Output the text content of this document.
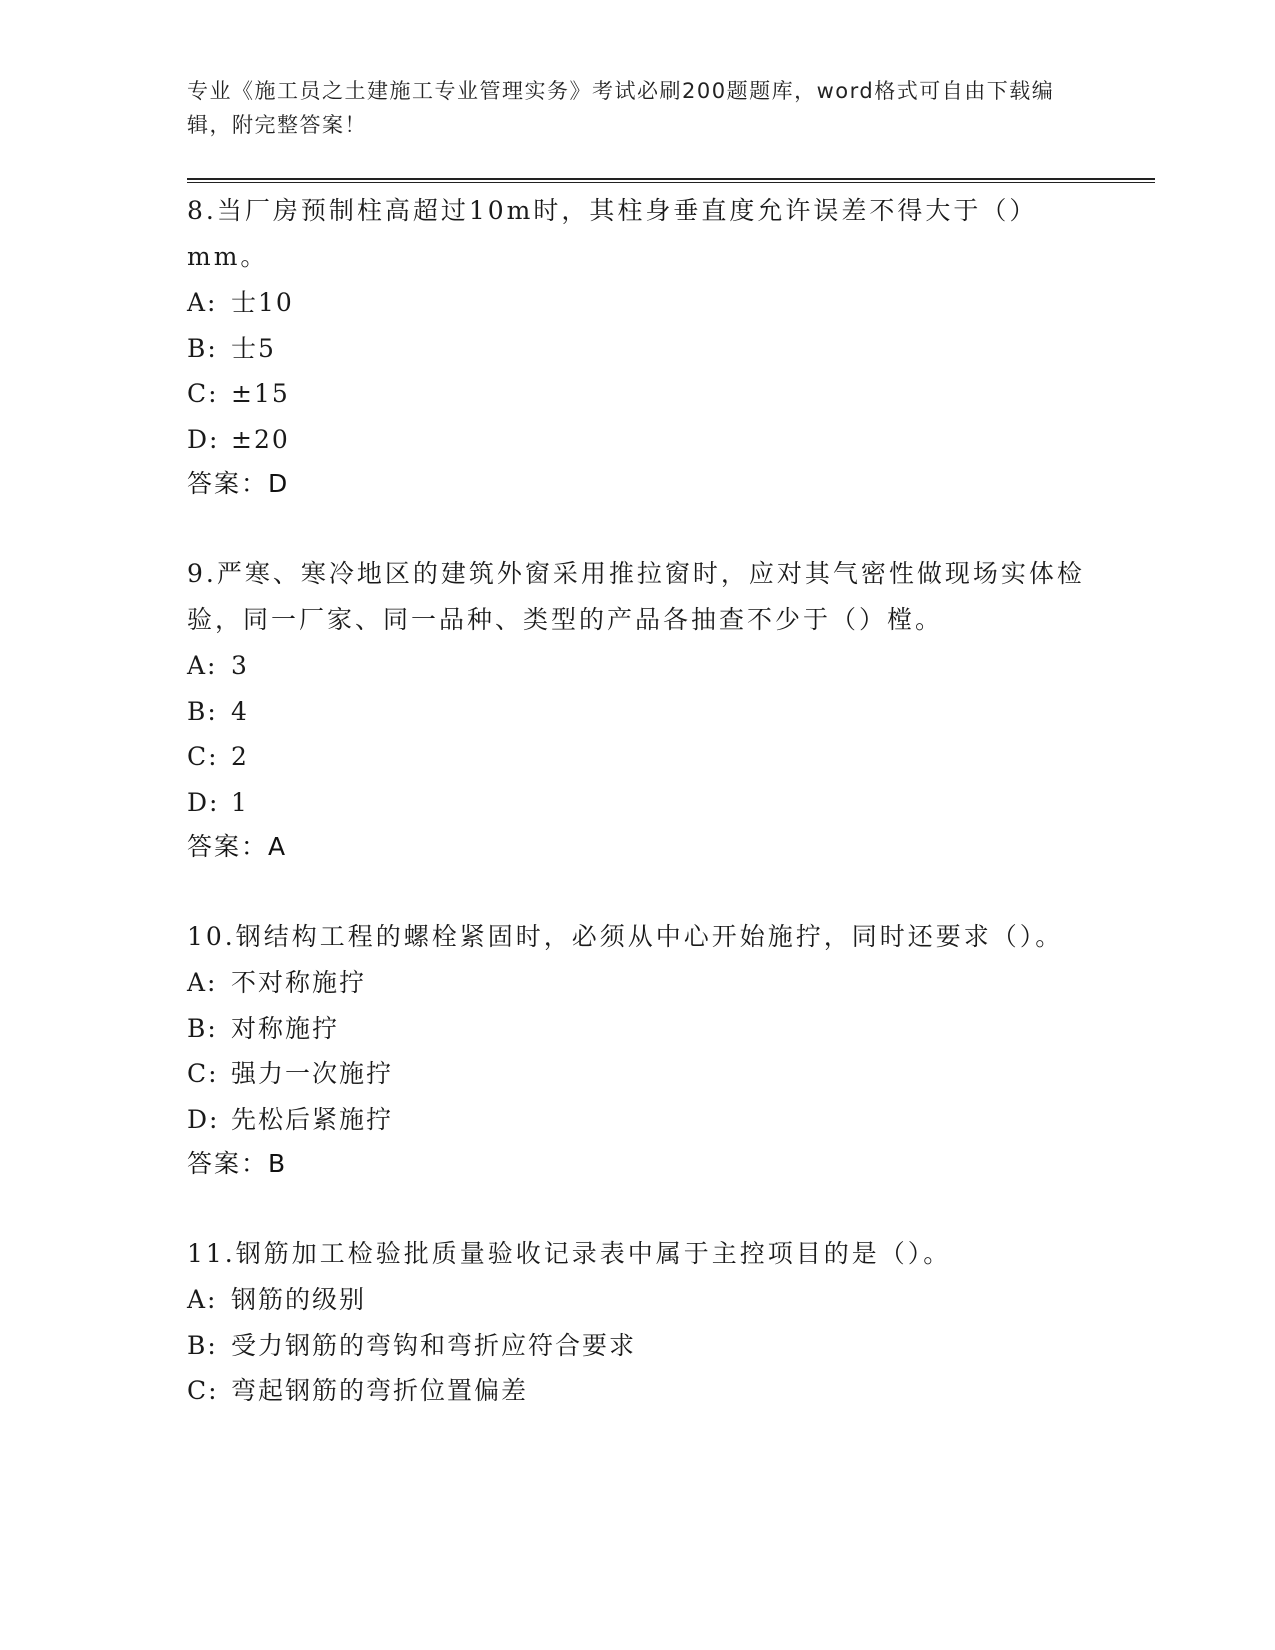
专业《施工员之土建施工专业管理实务》考试必刷200题题库，word格式可自由下载编辑，附完整答案！
8.当厂房预制柱高超过10m时，其柱身垂直度允许误差不得大于（）mm。
A: 士10
B: 士5
C: ±15
D: ±20
答案：D
9.严寒、寒冷地区的建筑外窗采用推拉窗时，应对其气密性做现场实体检验，同一厂家、同一品种、类型的产品各抽查不少于（）樘。
A: 3
B: 4
C: 2
D: 1
答案：A
10.钢结构工程的螺栓紧固时，必须从中心开始施拧，同时还要求（）。
A: 不对称施拧
B: 对称施拧
C: 强力一次施拧
D: 先松后紧施拧
答案：B
11.钢筋加工检验批质量验收记录表中属于主控项目的是（）。
A: 钢筋的级别
B: 受力钢筋的弯钩和弯折应符合要求
C: 弯起钢筋的弯折位置偏差
